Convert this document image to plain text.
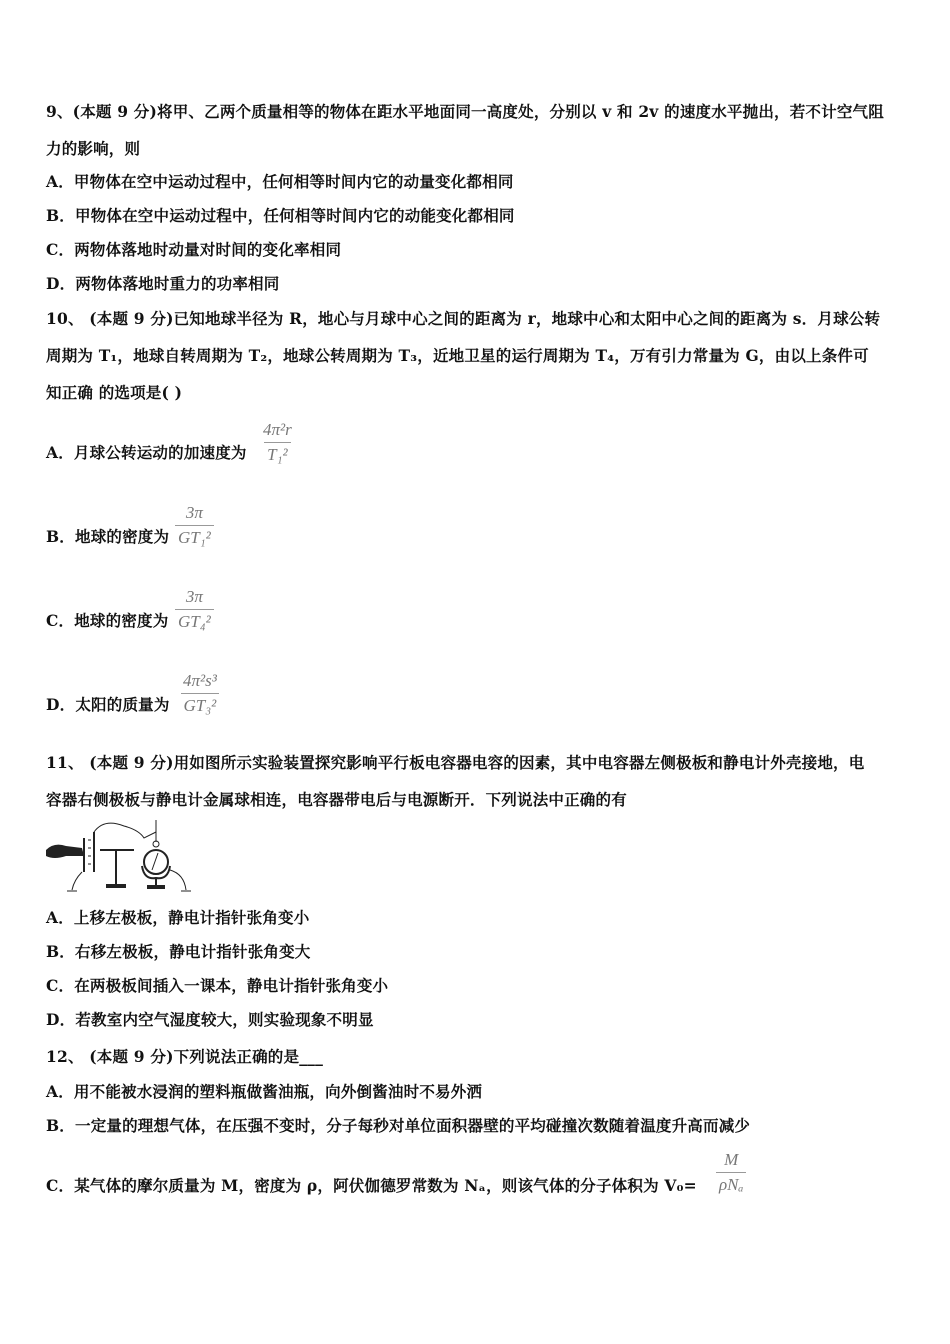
9、(本题 9 分)将甲、乙两个质量相等的物体在距水平地面同一高度处，分别以 v 和 2v 的速度水平抛出，若不计空气阻
力的影响，则
A．甲物体在空中运动过程中，任何相等时间内它的动量变化都相同
B．甲物体在空中运动过程中，任何相等时间内它的动能变化都相同
C．两物体落地时动量对时间的变化率相同
D．两物体落地时重力的功率相同
10、 (本题 9 分)已知地球半径为 R，地心与月球中心之间的距离为 r，地球中心和太阳中心之间的距离为 s．月球公转
周期为 T₁，地球自转周期为 T₂，地球公转周期为 T₃，近地卫星的运行周期为 T₄，万有引力常量为 G，由以上条件可
知正确 的选项是( )
A．月球公转运动的加速度为 $\frac{\text{4π²r}}{\text{T₁²}}$
B．地球的密度为 $\frac{3\pi}{\text{GT₁²}}$
C．地球的密度为 $\frac{3\pi}{\text{GT₄²}}$
D．太阳的质量为 $\frac{\text{4π²s³}}{\text{GT₃²}}$
11、 (本题 9 分)用如图所示实验装置探究影响平行板电容器电容的因素，其中电容器左侧极板和静电计外壳接地，电
容器右侧极板与静电计金属球相连，电容器带电后与电源断开．下列说法中正确的有
A．上移左极板，静电计指针张角变小
B．右移左极板，静电计指针张角变大
C．在两极板间插入一课本，静电计指针张角变小
D．若教室内空气湿度较大，则实验现象不明显
12、 (本题 9 分)下列说法正确的是___
A．用不能被水浸润的塑料瓶做酱油瓶，向外倒酱油时不易外洒
B．一定量的理想气体，在压强不变时，分子每秒对单位面积器壁的平均碰撞次数随着温度升高而减少
C．某气体的摩尔质量为 M，密度为 ρ，阿伏伽德罗常数为 Nₐ，则该气体的分子体积为 V₀=
M
ρNₐ
